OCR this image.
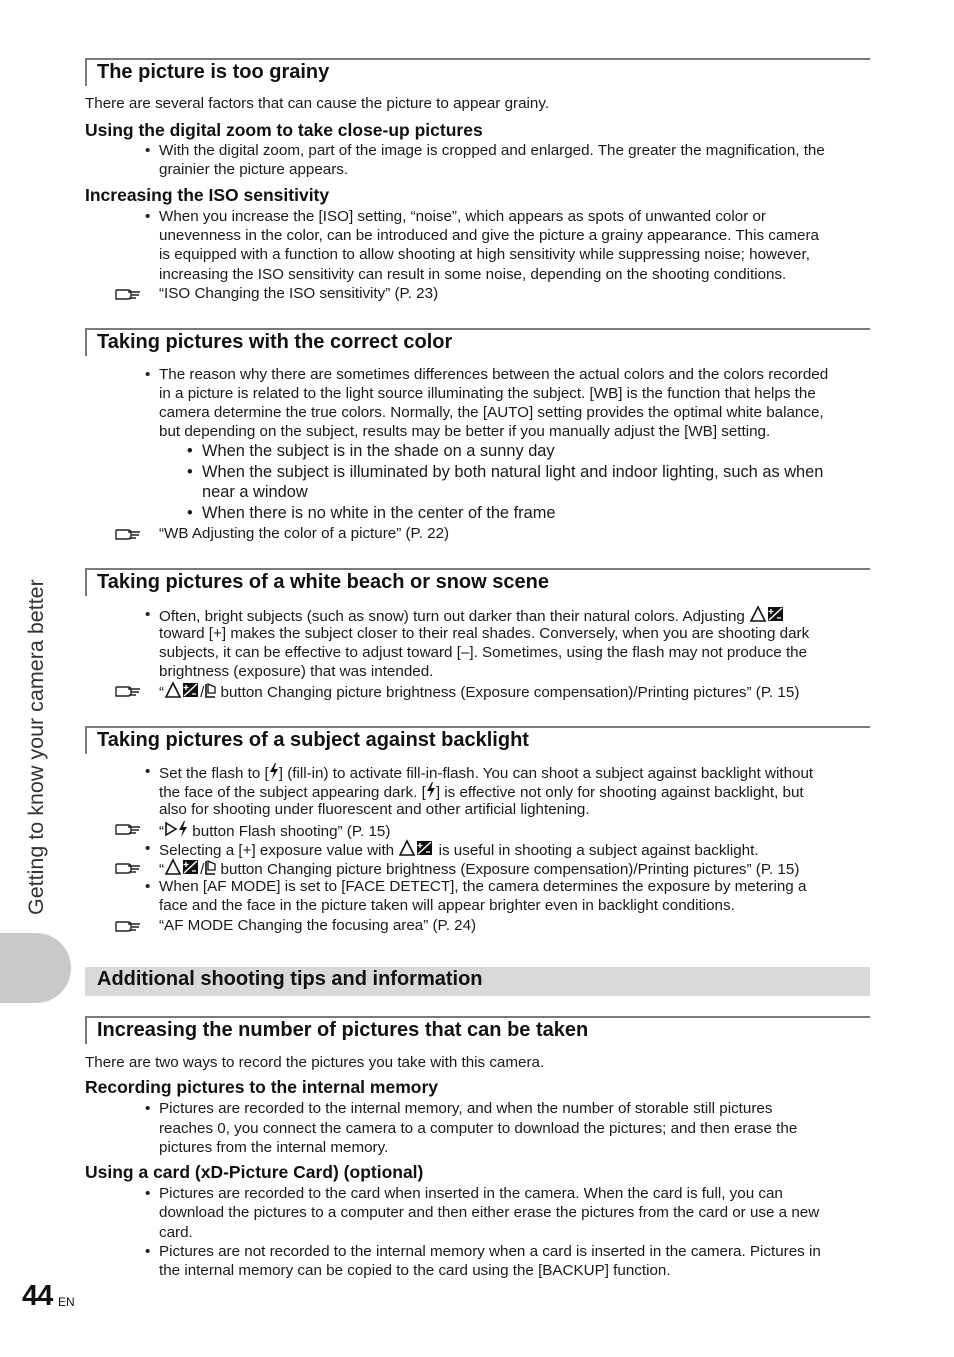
Getting to know your camera better
The picture is too grainy
There are several factors that can cause the picture to appear grainy.
Using the digital zoom to take close-up pictures
• With the digital zoom, part of the image is cropped and enlarged. The greater the magnification, the
grainier the picture appears.
Increasing the ISO sensitivity
• When you increase the [ISO] setting, “noise”, which appears as spots of unwanted color or
unevenness in the color, can be introduced and give the picture a grainy appearance. This camera
is equipped with a function to allow shooting at high sensitivity while suppressing noise; however,
increasing the ISO sensitivity can result in some noise, depending on the shooting conditions.
“ISO Changing the ISO sensitivity” (P. 23)
Taking pictures with the correct color
• The reason why there are sometimes differences between the actual colors and the colors recorded
in a picture is related to the light source illuminating the subject. [WB] is the function that helps the
camera determine the true colors. Normally, the [AUTO] setting provides the optimal white balance,
but depending on the subject, results may be better if you manually adjust the [WB] setting.
• When the subject is in the shade on a sunny day
• When the subject is illuminated by both natural light and indoor lighting, such as when
near a window
• When there is no white in the center of the frame
“WB Adjusting the color of a picture” (P. 22)
Taking pictures of a white beach or snow scene
• Often, bright subjects (such as snow) turn out darker than their natural colors. Adjusting
toward [+] makes the subject closer to their real shades. Conversely, when you are shooting dark
subjects, it can be effective to adjust toward [–]. Sometimes, using the flash may not produce the
brightness (exposure) that was intended.
“ / button Changing picture brightness (Exposure compensation)/Printing pictures” (P. 15)
Taking pictures of a subject against backlight
• Set the flash to [ ] (fill-in) to activate fill-in-flash. You can shoot a subject against backlight without
the face of the subject appearing dark. [ ] is effective not only for shooting against backlight, but
also for shooting under fluorescent and other artificial lightening.
“ button Flash shooting” (P. 15)
• Selecting a [+] exposure value with	is useful in shooting a subject against backlight.
“ / button Changing picture brightness (Exposure compensation)/Printing pictures” (P. 15)
• When [AF MODE] is set to [FACE DETECT], the camera determines the exposure by metering a
face and the face in the picture taken will appear brighter even in backlight conditions.
“AF MODE Changing the focusing area” (P. 24)
Additional shooting tips and information
Increasing the number of pictures that can be taken
There are two ways to record the pictures you take with this camera.
Recording pictures to the internal memory
• Pictures are recorded to the internal memory, and when the number of storable still pictures
reaches 0, you connect the camera to a computer to download the pictures; and then erase the
pictures from the internal memory.
Using a card (xD-Picture Card) (optional)
• Pictures are recorded to the card when inserted in the camera. When the card is full, you can
download the pictures to a computer and then either erase the pictures from the card or use a new
card.
• Pictures are not recorded to the internal memory when a card is inserted in the camera. Pictures in
the internal memory can be copied to the card using the [BACKUP] function.
44 EN
